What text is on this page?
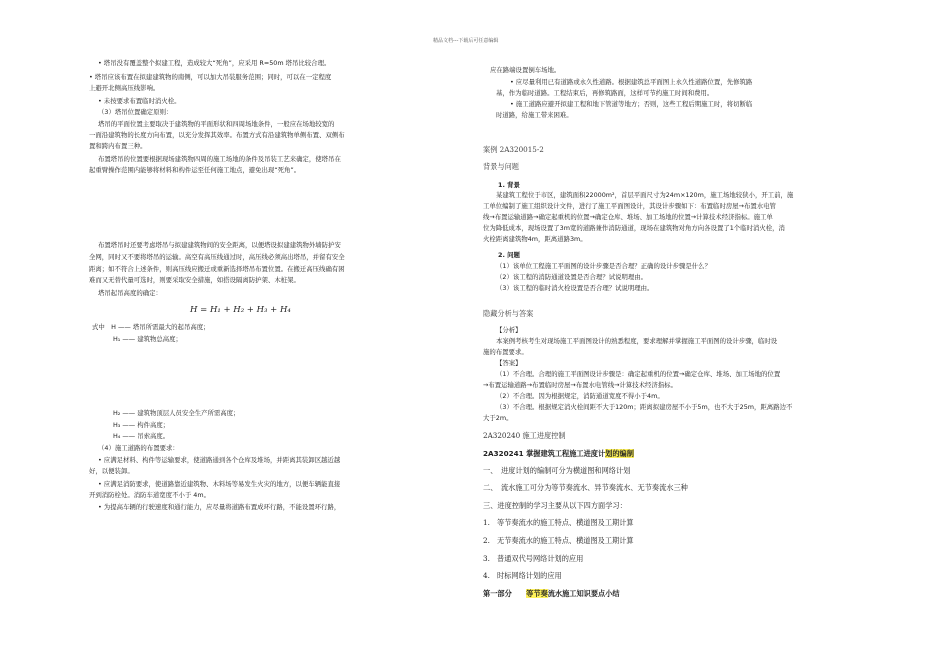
精品文档---下载后可任意编辑
• 塔吊没有覆盖整个拟建工程，造成较大“死角”，应采用 R=50m 塔吊比较合理。
• 塔吊应该布置在拟建建筑物的南侧，可以加大吊装服务范围；同时，可以在一定程度
上避开北侧高压线影响。
• 未按要求布置临时消火栓。
（3）塔吊位置确定原则：
塔吊的平面位置主要取决于建筑物的平面形状和四周场地条件，一般应在场地较宽的
一面沿建筑物的长度方向布置，以充分发挥其效率。布置方式有沿建筑物单侧布置、双侧布
置和跨内布置三种。
布置塔吊的位置要根据现场建筑物四周的施工场地的条件及吊装工艺来确定，使塔吊在
起重臂操作范围内能够将材料和构件运至任何施工地点，避免出现“死角”。
布置塔吊时还要考虑塔吊与拟建建筑物间的安全距离，以便塔设拟建建筑物外墙防护安
全网，同时又不要将塔吊的运输。高空有高压线通过时，高压线必须高出塔吊，并留有安全
距离；如不符合上述条件，则高压线应搬迁或重新选择塔吊布置位置。在搬迁高压线确有困
难而又无替代量可选时，则要采取安全措施，如搭设隔离防护架、木桩架。
塔吊起吊高度的确定：
H = H₁ + H₂ + H₃ + H₄
式中　H —— 塔吊所需最大的起吊高度；
H₁ —— 建筑物总高度；
H₂ —— 建筑物顶层人员安全生产所需高度；
H₃ —— 构件高度；
H₄ —— 吊索高度。
（4）施工道路的布置要求：
• 应满足材料、构件等运输要求，使道路通到各个仓库及堆场，并距离其装卸区越近越
好，以便装卸。
• 应满足消防要求，使道路靠近建筑物、木料场等易发生火灾的地方，以便车辆能直接
开到消防栓处。消防车道宽度不小于 4m。
• 为提高车辆的行驶速度和通行能力，应尽量将道路布置成环行路，不能设置环行路，
应在路端设置倒车场地。
• 应尽量利用已有道路或永久性道路。根据建筑总平面图上永久性道路位置，先修筑路
基，作为临时道路。工程结束后，再修筑路面，这样可节约施工时间和费用。
• 施工道路应避开拟建工程和地下管道等地方；否则，这些工程后期施工时，将切断临
时道路，给施工带来困难。
案例 2A320015-2
背景与问题
1. 背景
某建筑工程位于市区，建筑面积22000m²，首层平面尺寸为24m×120m，施工场地较狭小，开工前，施
工单位编制了施工组织设计文件，进行了施工平面图设计，其设计步骤如下：布置临时房屋→布置水电管
线→布置运输道路→确定起重机的位置→确定仓库、堆场、加工场地的位置→计算技术经济指标。施工单
位为降低成本，现场设置了3m宽的道路兼作消防通道，现场在建筑物对角方向各设置了1个临时消火栓，消
火栓距离建筑物4m，距离道路3m。
2. 问题
（1）该单位工程施工平面图的设计步骤是否合理？正确的设计步骤是什么？
（2）该工程的消防通道设置是否合理？试说明理由。
（3）该工程的临时消火栓设置是否合理？试说明理由。
隐藏分析与答案
【分析】
本案例考核考生对现场施工平面图设计的熟悉程度，要求理解并掌握施工平面图的设计步骤，临时设
施的布置要求。
【答案】
（1）不合理。合理的施工平面图设计步骤是：确定起重机的位置→确定仓库、堆场、加工场地的位置
→布置运输道路→布置临时房屋→布置水电管线→计算技术经济指标。
（2）不合理。因为根据规定，消防通道宽度不得小于4m。
（3）不合理。根据规定消火栓间距不大于120m；距离拟建房屋不小于5m，也不大于25m，距离路边不
大于2m。
2A320240 施工进度控制
2A320241 掌握建筑工程施工进度计划的编制
一、　进度计划的编制可分为横道图和网络计划
二、　流水施工可分为等节奏流水、异节奏流水、无节奏流水三种
三、进度控制的学习主要从以下四方面学习：
1.　等节奏流水的施工特点、横道图及工期计算
2.　无节奏流水的施工特点、横道图及工期计算
3.　普通双代号网络计划的应用
4.　时标网络计划的应用
第一部分　　等节奏流水施工知识要点小结
